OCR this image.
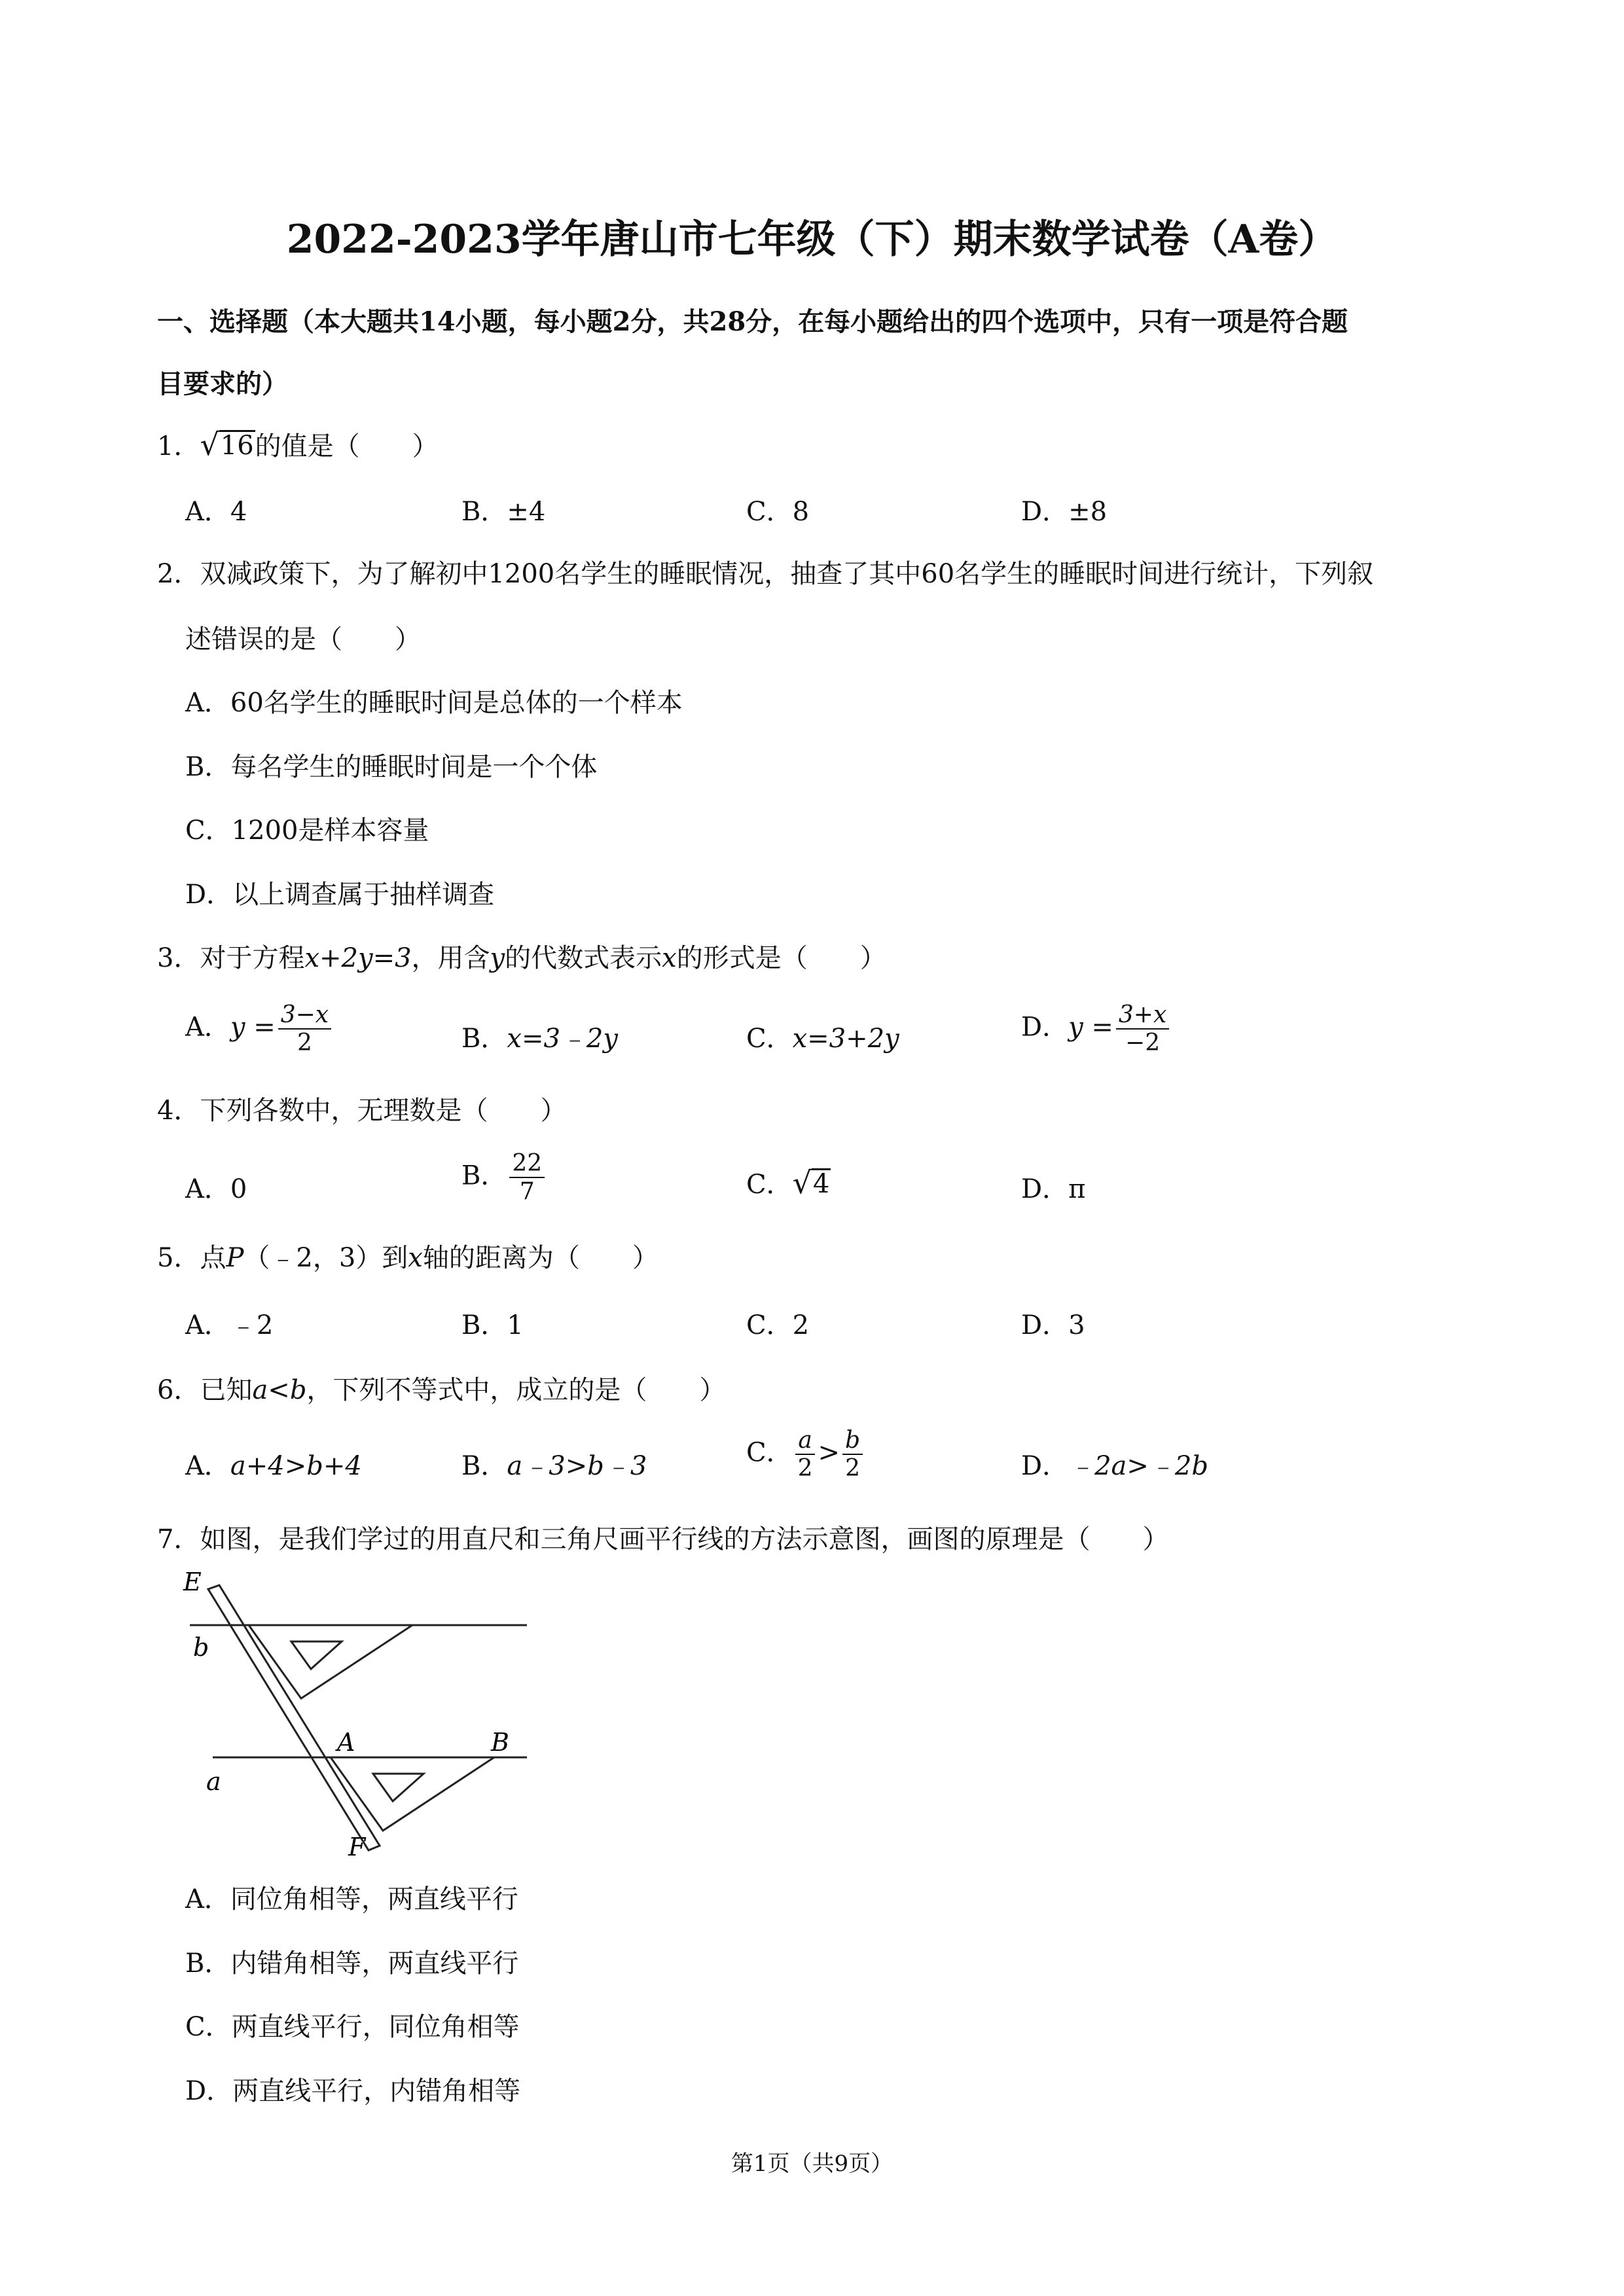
2022-2023学年唐山市七年级（下）期末数学试卷（A卷）
一、选择题（本大题共14小题，每小题2分，共28分，在每小题给出的四个选项中，只有一项是符合题
目要求的）
1． √ 16 的值是（　　）
A．4	B．±4	C．8	D．±8
2．双减政策下，为了解初中1200名学生的睡眠情况，抽查了其中60名学生的睡眠时间进行统计，下列叙
述错误的是（　　）
A．60名学生的睡眠时间是总体的一个样本
B．每名学生的睡眠时间是一个个体
C．1200是样本容量
D．以上调查属于抽样调查
3．对于方程x+2y=3，用含y的代数式表示x的形式是（　　）
A．$y = \frac{3-x}{2}$	B．x=3﹣2y	C．x=3+2y	D．$y = \frac{3+x}{-2}$
4．下列各数中，无理数是（　　）
A．0	B． $\frac{22}{7}$	C． √ 4	D．π
5．点P（﹣2，3）到x轴的距离为（　　）
A．﹣2	B．1	C．2	D．3
6．已知a<b，下列不等式中，成立的是（　　）
A．a+4>b+4	B．a﹣3>b﹣3	C． $\frac{a}{2} > \frac{b}{2}$	D．﹣2a>﹣2b
7．如图，是我们学过的用直尺和三角尺画平行线的方法示意图，画图的原理是（　　）
E
b
A	B
a
F
A．同位角相等，两直线平行
B．内错角相等，两直线平行
C．两直线平行，同位角相等
D．两直线平行，内错角相等
第1页（共9页）
